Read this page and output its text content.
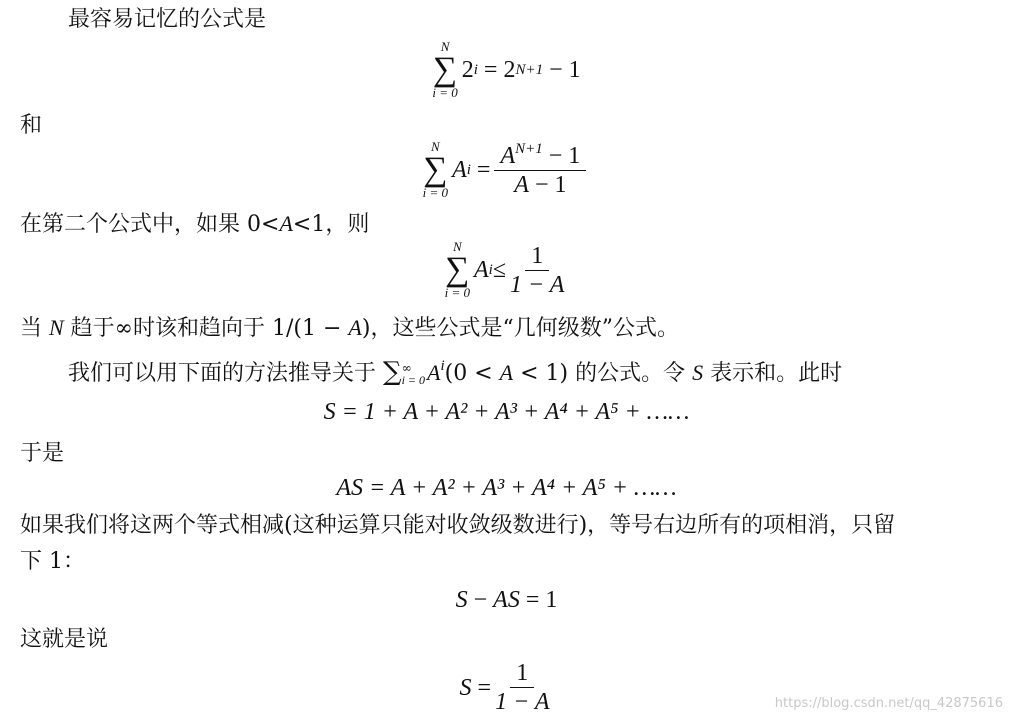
最容易记忆的公式是
N
∑
i = 0
2 i
= 2 N+1
− 1
和
N
∑
i = 0
A i
= $\frac{A^{N+1} - 1}{A - 1}$
在第二个公式中，如果 0<A<1，则
N
∑
i = 0
A $i \le \frac{1}{1 - A}$
当 N 趋于∞时该和趋向于 1/(1 − A)，这些公式是“几何级数”公式。
我们可以用下面的方法推导关于 ∑ ∞
i = 0 $A^i(0 < A < 1)$ 的公式。令 S 表示和。此时
S = 1 + A + A² + A³ + A⁴ + A⁵ + ……
于是
AS = A + A² + A³ + A⁴ + A⁵ + ……
如果我们将这两个等式相减(这种运算只能对收敛级数进行)，等号右边所有的项相消，只留
下 1：
S − AS = 1
这就是说
S
= $\frac{1}{1 - A}$	https://blog.csdn.net/qq_42875616
